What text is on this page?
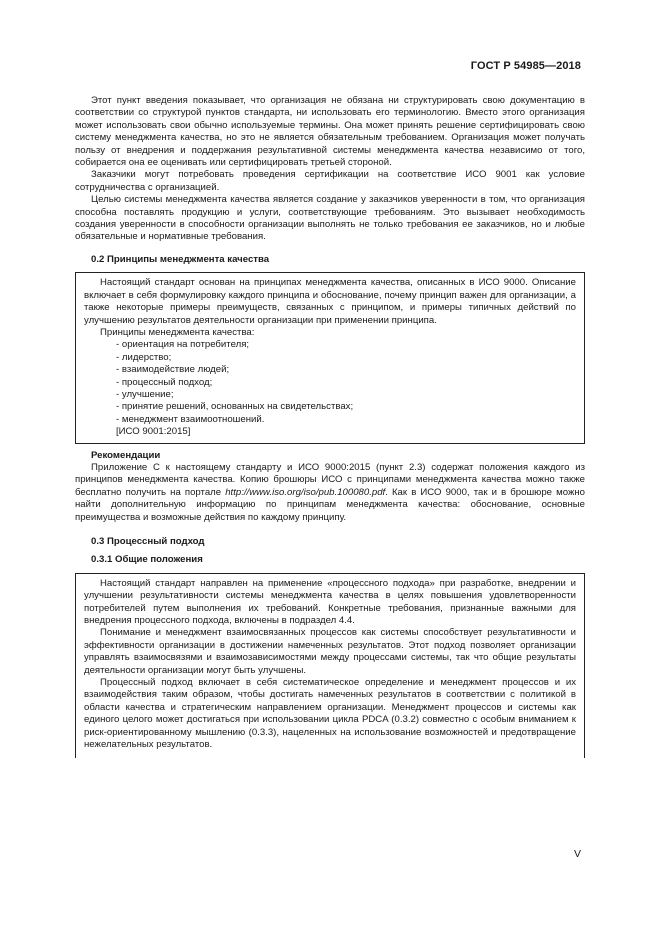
ГОСТ Р 54985—2018

Этот пункт введения показывает, что организация не обязана ни структурировать свою документацию в соответствии со структурой пунктов стандарта, ни использовать его терминологию. Вместо этого организация может использовать свои обычно используемые термины. Она может принять решение сертифицировать свою систему менеджмента качества, но это не является обязательным требованием. Организация может получать пользу от внедрения и поддержания результативной системы менеджмента качества независимо от того, собирается она ее оценивать или сертифицировать третьей стороной.

Заказчики могут потребовать проведения сертификации на соответствие ИСО 9001 как условие сотрудничества с организацией.

Целью системы менеджмента качества является создание у заказчиков уверенности в том, что организация способна поставлять продукцию и услуги, соответствующие требованиям. Это вызывает необходимость создания уверенности в способности организации выполнять не только требования ее заказчиков, но и любые обязательные и нормативные требования.

0.2 Принципы менеджмента качества

Настоящий стандарт основан на принципах менеджмента качества, описанных в ИСО 9000. Описание включает в себя формулировку каждого принципа и обоснование, почему принцип важен для организации, а также некоторые примеры преимуществ, связанных с принципом, и примеры типичных действий по улучшению результатов деятельности организации при применении принципа.

Принципы менеджмента качества:

- ориентация на потребителя;

- лидерство;

- взаимодействие людей;

- процессный подход;

- улучшение;

- принятие решений, основанных на свидетельствах;

- менеджмент взаимоотношений.

[ИСО 9001:2015]

Рекомендации

Приложение С к настоящему стандарту и ИСО 9000:2015 (пункт 2.3) содержат положения каждого из принципов менеджмента качества. Копию брошюры ИСО с принципами менеджмента качества можно также бесплатно получить на портале http://www.iso.org/iso/pub.100080.pdf. Как в ИСО 9000, так и в брошюре можно найти дополнительную информацию по принципам менеджмента качества: обоснование, основные преимущества и возможные действия по каждому принципу.

0.3 Процессный подход
0.3.1 Общие положения

Настоящий стандарт направлен на применение «процессного подхода» при разработке, внедрении и улучшении результативности системы менеджмента качества в целях повышения удовлетворенности потребителей путем выполнения их требований. Конкретные требования, признанные важными для внедрения процессного подхода, включены в подраздел 4.4.

Понимание и менеджмент взаимосвязанных процессов как системы способствует результативности и эффективности организации в достижении намеченных результатов. Этот подход позволяет организации управлять взаимосвязями и взаимозависимостями между процессами системы, так что общие результаты деятельности организации могут быть улучшены.

Процессный подход включает в себя систематическое определение и менеджмент процессов и их взаимодействия таким образом, чтобы достигать намеченных результатов в соответствии с политикой в области качества и стратегическим направлением организации. Менеджмент процессов и системы как единого целого может достигаться при использовании цикла PDCA (0.3.2) совместно с особым вниманием к риск-ориентированному мышлению (0.3.3), нацеленных на использование возможностей и предотвращение нежелательных результатов.

V
